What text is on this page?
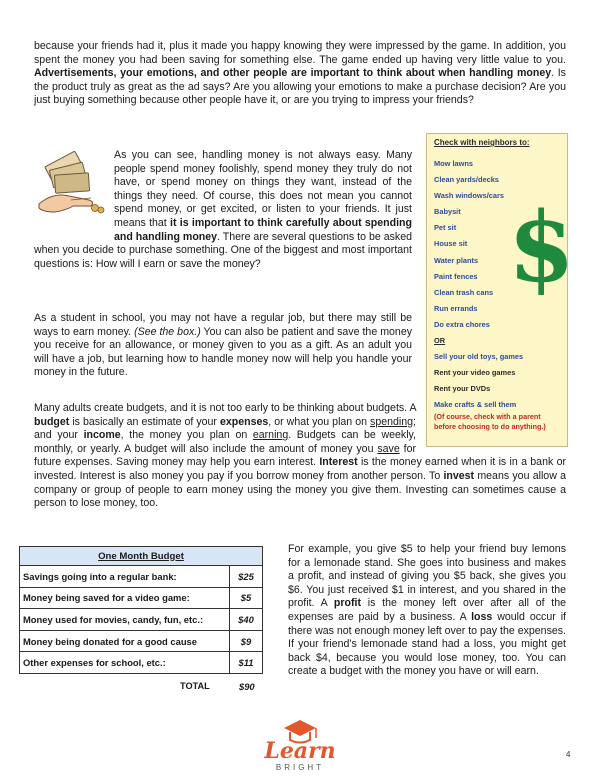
because your friends had it, plus it made you happy knowing they were impressed by the game. In addition, you spent the money you had been saving for something else. The game ended up having very little value to you. Advertisements, your emotions, and other people are important to think about when handling money. Is the product truly as great as the ad says? Are you allowing your emotions to make a purchase decision? Are you just buying something because other people have it, or are you trying to impress your friends?

As you can see, handling money is not always easy. Many people spend money foolishly, spend money they truly do not have, or spend money on things they want, instead of the things they need. Of course, this does not mean you cannot spend money, or get excited, or listen to your friends. It just means that it is important to think carefully about spending and handling money. There are several questions to be asked when you decide to purchase something. One of the biggest and most important questions is: How will I earn or save the money?

As a student in school, you may not have a regular job, but there may still be ways to earn money. (See the box.) You can also be patient and save the money you receive for an allowance, or money given to you as a gift. As an adult you will have a job, but learning how to handle money now will help you handle your money in the future.

Many adults create budgets, and it is not too early to be thinking about budgets. A budget is basically an estimate of your expenses, or what you plan on spending; and your income, the money you plan on earning. Budgets can be weekly, monthly, or yearly. A budget will also include the amount of money you save for future expenses. Saving money may help you earn interest. Interest is the money earned when it is in a bank or invested. Interest is also money you pay if you borrow money from another person. To invest means you allow a company or group of people to earn money using the money you give them. Investing can sometimes cause a person to lose money, too.

Check with neighbors to:
Mow lawns
Clean yards/decks
Wash windows/cars
Babysit
Pet sit
House sit
Water plants
Paint fences
Clean trash cans
Run errands
Do extra chores
OR
Sell your old toys, games
Rent your video games
Rent your DVDs
Make crafts & sell them
(Of course, check with a parent before choosing to do anything.)
$
One Month Budget	
Savings going into a regular bank:	$25
Money being saved for a video game:	$5
Money used for movies, candy, fun, etc.:	$40
Money being donated for a good cause	$9
Other expenses for school, etc.:	$11
TOTAL	$90

For example, you give $5 to help your friend buy lemons for a lemonade stand. She goes into business and makes a profit, and instead of giving you $5 back, she gives you $6. You just received $1 in interest, and you shared in the profit. A profit is the money left over after all of the expenses are paid by a business. A loss would occur if there was not enough money left over to pay the expenses. If your friend's lemonade stand had a loss, you might get back $4, because you would lose money, too. You can create a budget with the money you have or will earn.

Learn
BRIGHT
4
